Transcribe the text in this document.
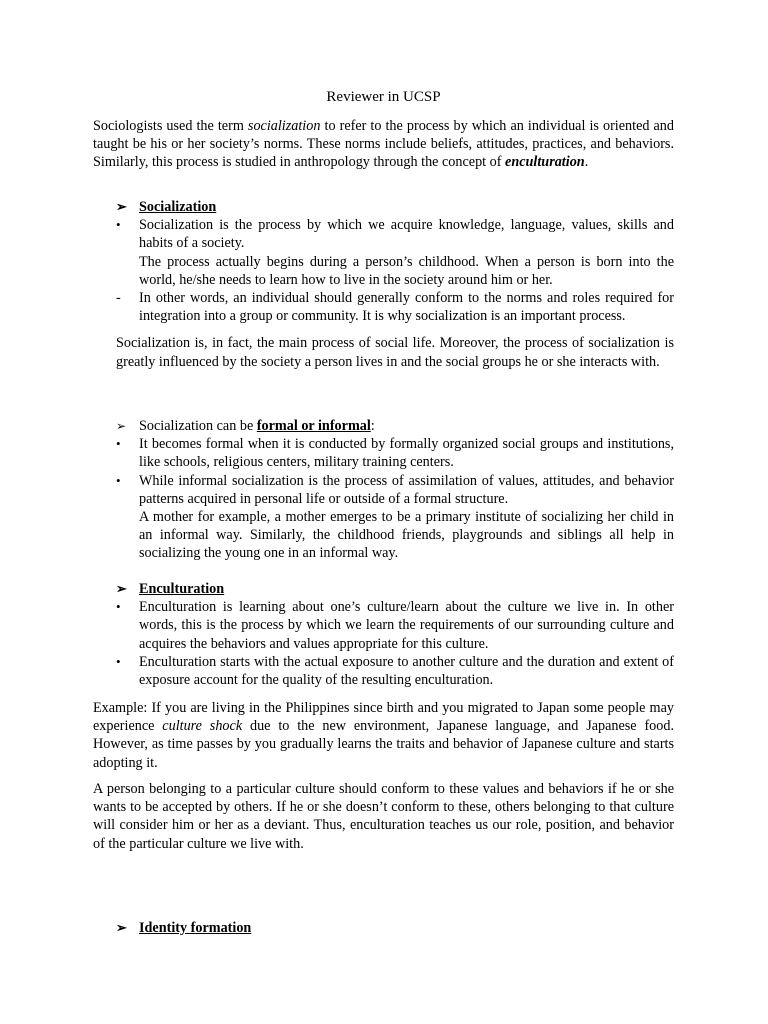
Reviewer in UCSP

Sociologists used the term socialization to refer to the process by which an individual is oriented and taught be his or her society’s norms. These norms include beliefs, attitudes, practices, and behaviors. Similarly, this process is studied in anthropology through the concept of enculturation.

➢ Socialization
•	Socialization is the process by which we acquire knowledge, language, values, skills and habits of a society.

The process actually begins during a person’s childhood. When a person is born into the world, he/she needs to learn how to live in the society around him or her.

-	In other words, an individual should generally conform to the norms and roles required for integration into a group or community. It is why socialization is an important process.

Socialization is, in fact, the main process of social life. Moreover, the process of socialization is greatly influenced by the society a person lives in and the social groups he or she interacts with.

➢ Socialization can be formal or informal:
•	It becomes formal when it is conducted by formally organized social groups and institutions, like schools, religious centers, military training centers.

•	While informal socialization is the process of assimilation of values, attitudes, and behavior patterns acquired in personal life or outside of a formal structure.

A mother for example, a mother emerges to be a primary institute of socializing her child in an informal way. Similarly, the childhood friends, playgrounds and siblings all help in socializing the young one in an informal way.

➢ Enculturation
•	Enculturation is learning about one’s culture/learn about the culture we live in. In other words, this is the process by which we learn the requirements of our surrounding culture and acquires the behaviors and values appropriate for this culture.

•	Enculturation starts with the actual exposure to another culture and the duration and extent of exposure account for the quality of the resulting enculturation.

Example: If you are living in the Philippines since birth and you migrated to Japan some people may experience culture shock due to the new environment, Japanese language, and Japanese food. However, as time passes by you gradually learns the traits and behavior of Japanese culture and starts adopting it.

A person belonging to a particular culture should conform to these values and behaviors if he or she wants to be accepted by others. If he or she doesn’t conform to these, others belonging to that culture will consider him or her as a deviant. Thus, enculturation teaches us our role, position, and behavior of the particular culture we live with.

➢ Identity formation
